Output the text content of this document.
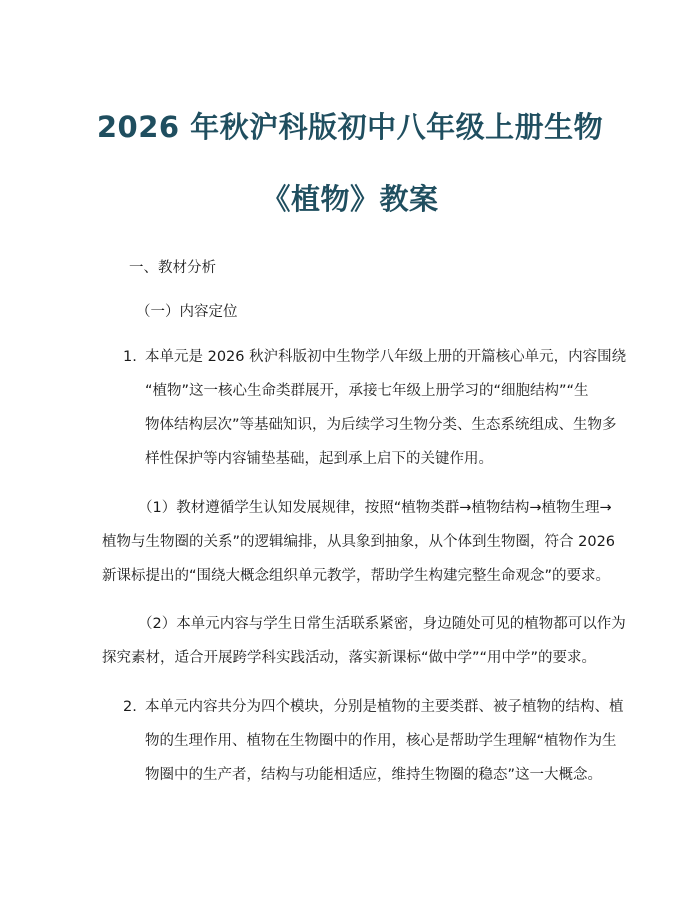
2026 年秋沪科版初中八年级上册生物
《植物》教案
一、教材分析
（一）内容定位
1. 本单元是 2026 秋沪科版初中生物学八年级上册的开篇核心单元，内容围绕
“植物”这一核心生命类群展开，承接七年级上册学习的“细胞结构”“生
物体结构层次”等基础知识，为后续学习生物分类、生态系统组成、生物多
样性保护等内容铺垫基础，起到承上启下的关键作用。
（1）教材遵循学生认知发展规律，按照“植物类群→植物结构→植物生理→
植物与生物圈的关系”的逻辑编排，从具象到抽象，从个体到生物圈，符合 2026
新课标提出的“围绕大概念组织单元教学，帮助学生构建完整生命观念”的要求。
（2）本单元内容与学生日常生活联系紧密，身边随处可见的植物都可以作为
探究素材，适合开展跨学科实践活动，落实新课标“做中学”“用中学”的要求。
2. 本单元内容共分为四个模块，分别是植物的主要类群、被子植物的结构、植
物的生理作用、植物在生物圈中的作用，核心是帮助学生理解“植物作为生
物圈中的生产者，结构与功能相适应，维持生物圈的稳态”这一大概念。
